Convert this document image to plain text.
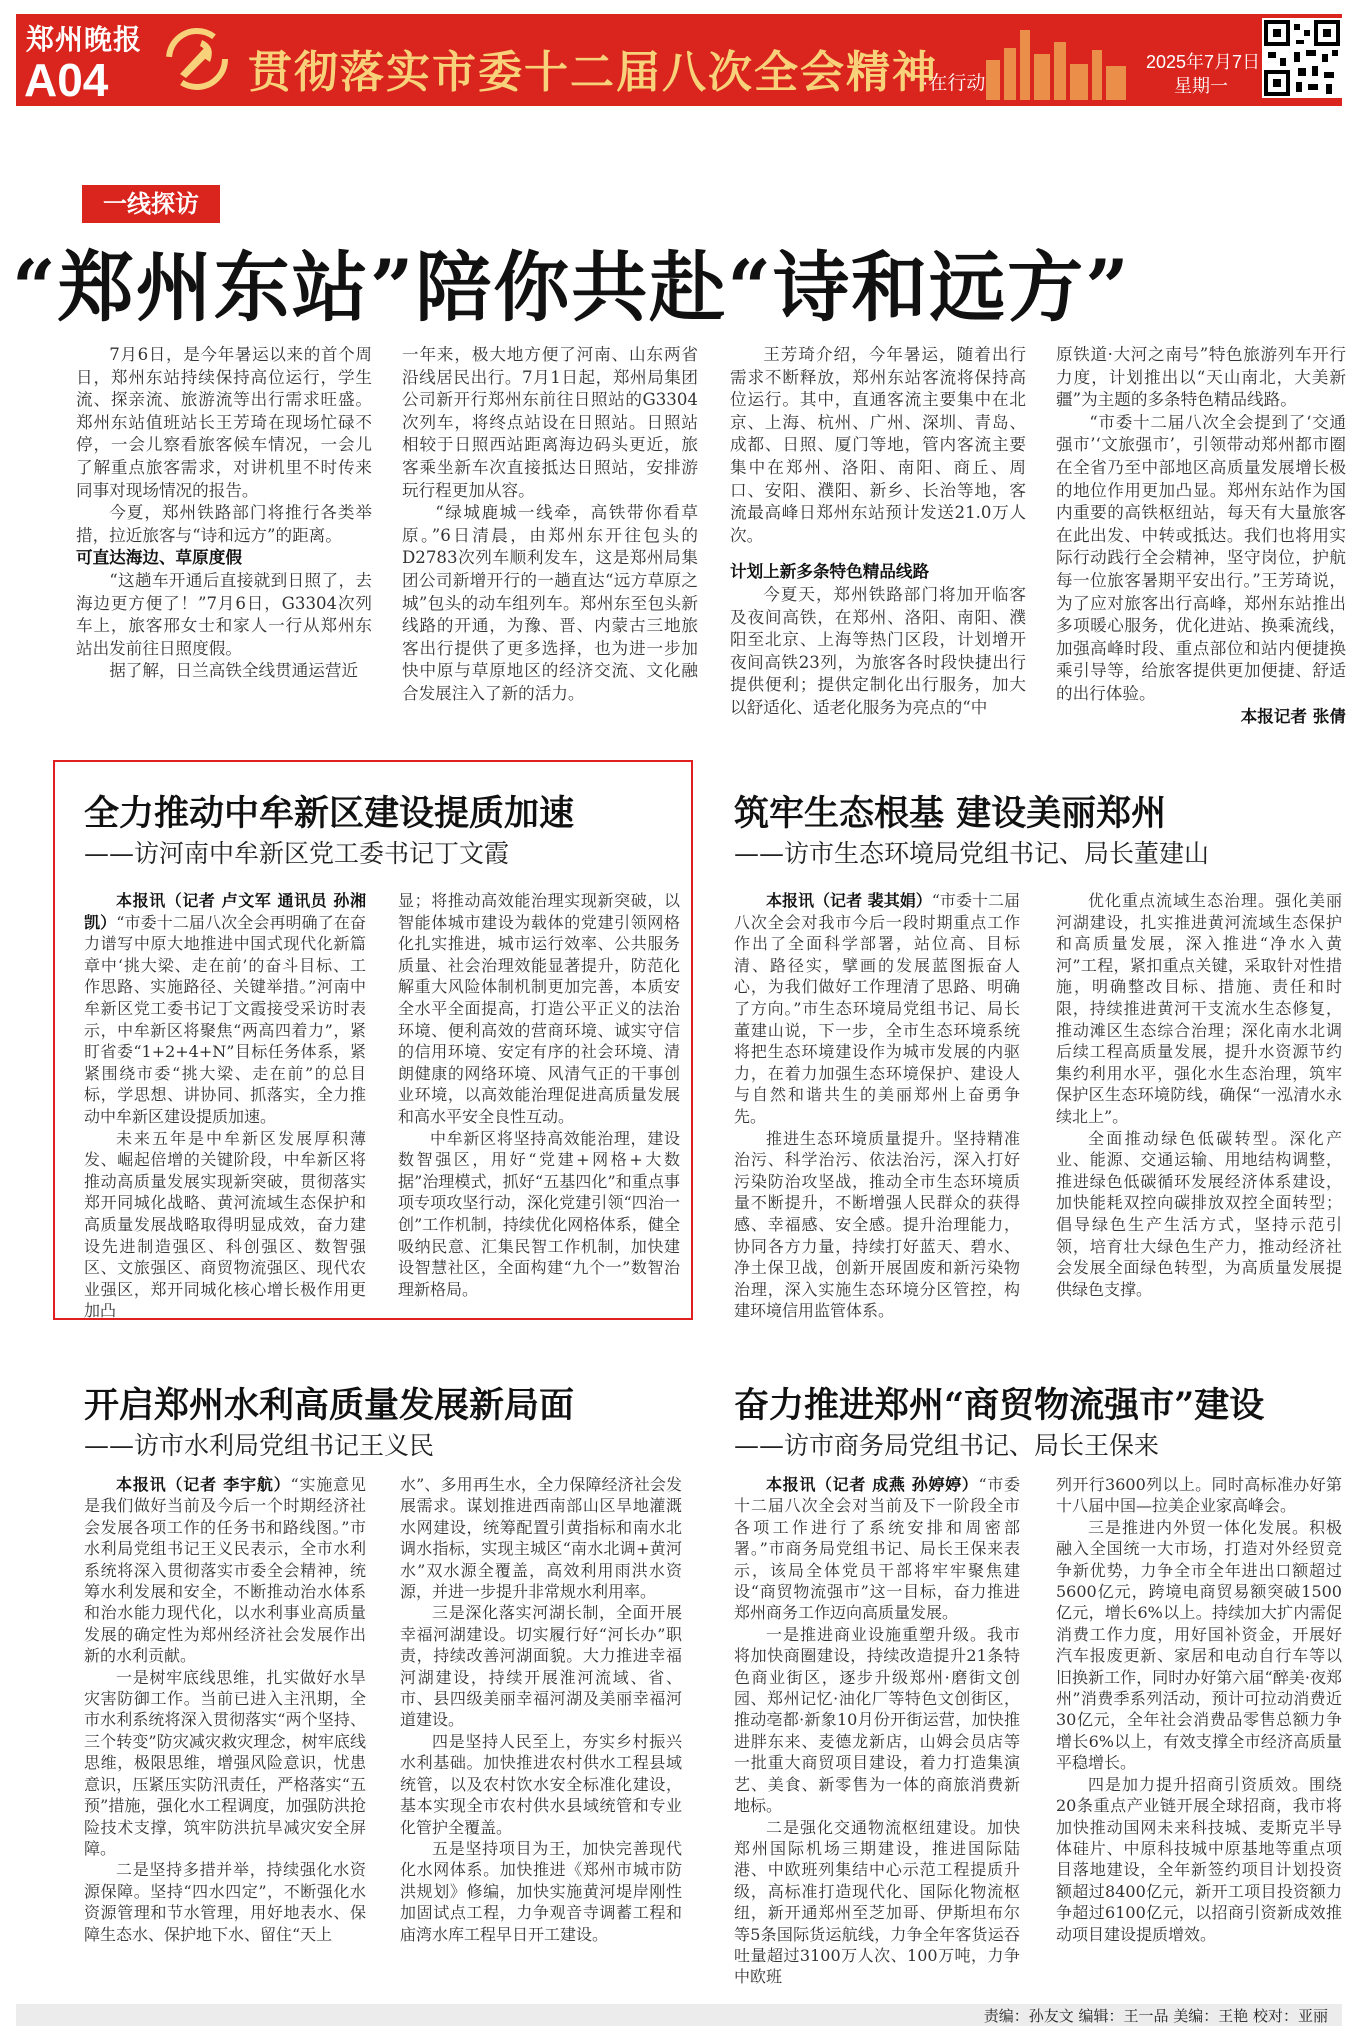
郑州晚报
A04	贯彻落实市委十二届八次全会精神
·在行动
2025年7月7日
星期一
一线探访
“郑州东站”陪你共赴“诗和远方”

7月6日，是今年暑运以来的首个周日，郑州东站持续保持高位运行，学生流、探亲流、旅游流等出行需求旺盛。郑州东站值班站长王芳琦在现场忙碌不停，一会儿察看旅客候车情况，一会儿了解重点旅客需求，对讲机里不时传来同事对现场情况的报告。

今夏，郑州铁路部门将推行各类举措，拉近旅客与“诗和远方”的距离。

可直达海边、草原度假

“这趟车开通后直接就到日照了，去海边更方便了！”7月6日，G3304次列车上，旅客邢女士和家人一行从郑州东站出发前往日照度假。

据了解，日兰高铁全线贯通运营近

一年来，极大地方便了河南、山东两省沿线居民出行。7月1日起，郑州局集团公司新开行郑州东前往日照站的G3304次列车，将终点站设在日照站。日照站相较于日照西站距离海边码头更近，旅客乘坐新车次直接抵达日照站，安排游玩行程更加从容。

“绿城鹿城一线牵，高铁带你看草原。”6日清晨，由郑州东开往包头的D2783次列车顺利发车，这是郑州局集团公司新增开行的一趟直达“远方草原之城”包头的动车组列车。郑州东至包头新线路的开通，为豫、晋、内蒙古三地旅客出行提供了更多选择，也为进一步加快中原与草原地区的经济交流、文化融合发展注入了新的活力。

王芳琦介绍，今年暑运，随着出行需求不断释放，郑州东站客流将保持高位运行。其中，直通客流主要集中在北京、上海、杭州、广州、深圳、青岛、成都、日照、厦门等地，管内客流主要集中在郑州、洛阳、南阳、商丘、周口、安阳、濮阳、新乡、长治等地，客流最高峰日郑州东站预计发送21.0万人次。

计划上新多条特色精品线路

今夏天，郑州铁路部门将加开临客及夜间高铁，在郑州、洛阳、南阳、濮阳至北京、上海等热门区段，计划增开夜间高铁23列，为旅客各时段快捷出行提供便利；提供定制化出行服务，加大以舒适化、适老化服务为亮点的“中

原铁道·大河之南号”特色旅游列车开行力度，计划推出以“天山南北，大美新疆”为主题的多条特色精品线路。

“市委十二届八次全会提到了‘交通强市’‘文旅强市’，引领带动郑州都市圈在全省乃至中部地区高质量发展增长极的地位作用更加凸显。郑州东站作为国内重要的高铁枢纽站，每天有大量旅客在此出发、中转或抵达。我们也将用实际行动践行全会精神，坚守岗位，护航每一位旅客暑期平安出行。”王芳琦说，为了应对旅客出行高峰，郑州东站推出多项暖心服务，优化进站、换乘流线，加强高峰时段、重点部位和站内便捷换乘引导等，给旅客提供更加便捷、舒适的出行体验。

本报记者 张倩

全力推动中牟新区建设提质加速
——访河南中牟新区党工委书记丁文霞

本报讯（记者 卢文军 通讯员 孙湘凯）“市委十二届八次全会再明确了在奋力谱写中原大地推进中国式现代化新篇章中‘挑大梁、走在前’的奋斗目标、工作思路、实施路径、关键举措。”河南中牟新区党工委书记丁文霞接受采访时表示，中牟新区将聚焦“两高四着力”，紧盯省委“1+2+4+N”目标任务体系，紧紧围绕市委“挑大梁、走在前”的总目标，学思想、讲协同、抓落实，全力推动中牟新区建设提质加速。

未来五年是中牟新区发展厚积薄发、崛起倍增的关键阶段，中牟新区将推动高质量发展实现新突破，贯彻落实郑开同城化战略、黄河流域生态保护和高质量发展战略取得明显成效，奋力建设先进制造强区、科创强区、数智强区、文旅强区、商贸物流强区、现代农业强区，郑开同城化核心增长极作用更加凸

显；将推动高效能治理实现新突破，以智能体城市建设为载体的党建引领网格化扎实推进，城市运行效率、公共服务质量、社会治理效能显著提升，防范化解重大风险体制机制更加完善，本质安全水平全面提高，打造公平正义的法治环境、便利高效的营商环境、诚实守信的信用环境、安定有序的社会环境、清朗健康的网络环境、风清气正的干事创业环境，以高效能治理促进高质量发展和高水平安全良性互动。

中牟新区将坚持高效能治理，建设数智强区，用好“党建+网格+大数据”治理模式，抓好“五基四化”和重点事项专项攻坚行动，深化党建引领“四治一创”工作机制，持续优化网格体系，健全吸纳民意、汇集民智工作机制，加快建设智慧社区，全面构建“九个一”数智治理新格局。

筑牢生态根基 建设美丽郑州
——访市生态环境局党组书记、局长董建山

本报讯（记者 裴其娟）“市委十二届八次全会对我市今后一段时期重点工作作出了全面科学部署，站位高、目标清、路径实，擘画的发展蓝图振奋人心，为我们做好工作理清了思路、明确了方向。”市生态环境局党组书记、局长董建山说，下一步，全市生态环境系统将把生态环境建设作为城市发展的内驱力，在着力加强生态环境保护、建设人与自然和谐共生的美丽郑州上奋勇争先。

推进生态环境质量提升。坚持精准治污、科学治污、依法治污，深入打好污染防治攻坚战，推动全市生态环境质量不断提升，不断增强人民群众的获得感、幸福感、安全感。提升治理能力，协同各方力量，持续打好蓝天、碧水、净土保卫战，创新开展固废和新污染物治理，深入实施生态环境分区管控，构建环境信用监管体系。

优化重点流域生态治理。强化美丽河湖建设，扎实推进黄河流域生态保护和高质量发展，深入推进“净水入黄河”工程，紧扣重点关键，采取针对性措施，明确整改目标、措施、责任和时限，持续推进黄河干支流水生态修复，推动滩区生态综合治理；深化南水北调后续工程高质量发展，提升水资源节约集约利用水平，强化水生态治理，筑牢保护区生态环境防线，确保“一泓清水永续北上”。

全面推动绿色低碳转型。深化产业、能源、交通运输、用地结构调整，推进绿色低碳循环发展经济体系建设，加快能耗双控向碳排放双控全面转型；倡导绿色生产生活方式，坚持示范引领，培育壮大绿色生产力，推动经济社会发展全面绿色转型，为高质量发展提供绿色支撑。

开启郑州水利高质量发展新局面
——访市水利局党组书记王义民

本报讯（记者 李宇航）“实施意见是我们做好当前及今后一个时期经济社会发展各项工作的任务书和路线图。”市水利局党组书记王义民表示，全市水利系统将深入贯彻落实市委全会精神，统筹水利发展和安全，不断推动治水体系和治水能力现代化，以水利事业高质量发展的确定性为郑州经济社会发展作出新的水利贡献。

一是树牢底线思维，扎实做好水旱灾害防御工作。当前已进入主汛期，全市水利系统将深入贯彻落实“两个坚持、三个转变”防灾减灾救灾理念，树牢底线思维，极限思维，增强风险意识，忧患意识，压紧压实防汛责任，严格落实“五预”措施，强化水工程调度，加强防洪抢险技术支撑，筑牢防洪抗旱减灾安全屏障。

二是坚持多措并举，持续强化水资源保障。坚持“四水四定”，不断强化水资源管理和节水管理，用好地表水、保障生态水、保护地下水、留住“天上

水”、多用再生水，全力保障经济社会发展需求。谋划推进西南部山区旱地灌溉水网建设，统筹配置引黄指标和南水北调水指标，实现主城区“南水北调+黄河水”双水源全覆盖，高效利用雨洪水资源，并进一步提升非常规水利用率。

三是深化落实河湖长制，全面开展幸福河湖建设。切实履行好“河长办”职责，持续改善河湖面貌。大力推进幸福河湖建设，持续开展淮河流域、省、市、县四级美丽幸福河湖及美丽幸福河道建设。

四是坚持人民至上，夯实乡村振兴水利基础。加快推进农村供水工程县域统管，以及农村饮水安全标准化建设，基本实现全市农村供水县域统管和专业化管护全覆盖。

五是坚持项目为王，加快完善现代化水网体系。加快推进《郑州市城市防洪规划》修编，加快实施黄河堤岸刚性加固试点工程，力争观音寺调蓄工程和庙湾水库工程早日开工建设。

奋力推进郑州“商贸物流强市”建设
——访市商务局党组书记、局长王保来

本报讯（记者 成燕 孙婷婷）“市委十二届八次全会对当前及下一阶段全市各项工作进行了系统安排和周密部署。”市商务局党组书记、局长王保来表示，该局全体党员干部将牢牢聚焦建设“商贸物流强市”这一目标，奋力推进郑州商务工作迈向高质量发展。

一是推进商业设施重塑升级。我市将加快商圈建设，持续改造提升21条特色商业街区，逐步升级郑州·磨街文创园、郑州记忆·油化厂等特色文创街区，推动亳都·新象10月份开街运营，加快推进胖东来、麦德龙新店，山姆会员店等一批重大商贸项目建设，着力打造集演艺、美食、新零售为一体的商旅消费新地标。

二是强化交通物流枢纽建设。加快郑州国际机场三期建设，推进国际陆港、中欧班列集结中心示范工程提质升级，高标准打造现代化、国际化物流枢纽，新开通郑州至芝加哥、伊斯坦布尔等5条国际货运航线，力争全年客货运吞吐量超过3100万人次、100万吨，力争中欧班

列开行3600列以上。同时高标准办好第十八届中国—拉美企业家高峰会。

三是推进内外贸一体化发展。积极融入全国统一大市场，打造对外经贸竞争新优势，力争全市全年进出口额超过5600亿元，跨境电商贸易额突破1500亿元，增长6%以上。持续加大扩内需促消费工作力度，用好国补资金，开展好汽车报废更新、家居和电动自行车等以旧换新工作，同时办好第六届“醉美·夜郑州”消费季系列活动，预计可拉动消费近30亿元，全年社会消费品零售总额力争增长6%以上，有效支撑全市经济高质量平稳增长。

四是加力提升招商引资质效。围绕20条重点产业链开展全球招商，我市将加快推动国网未来科技城、麦斯克半导体硅片、中原科技城中原基地等重点项目落地建设，全年新签约项目计划投资额超过8400亿元，新开工项目投资额力争超过6100亿元，以招商引资新成效推动项目建设提质增效。

责编：孙友文 编辑：王一品 美编：王艳 校对：亚丽
